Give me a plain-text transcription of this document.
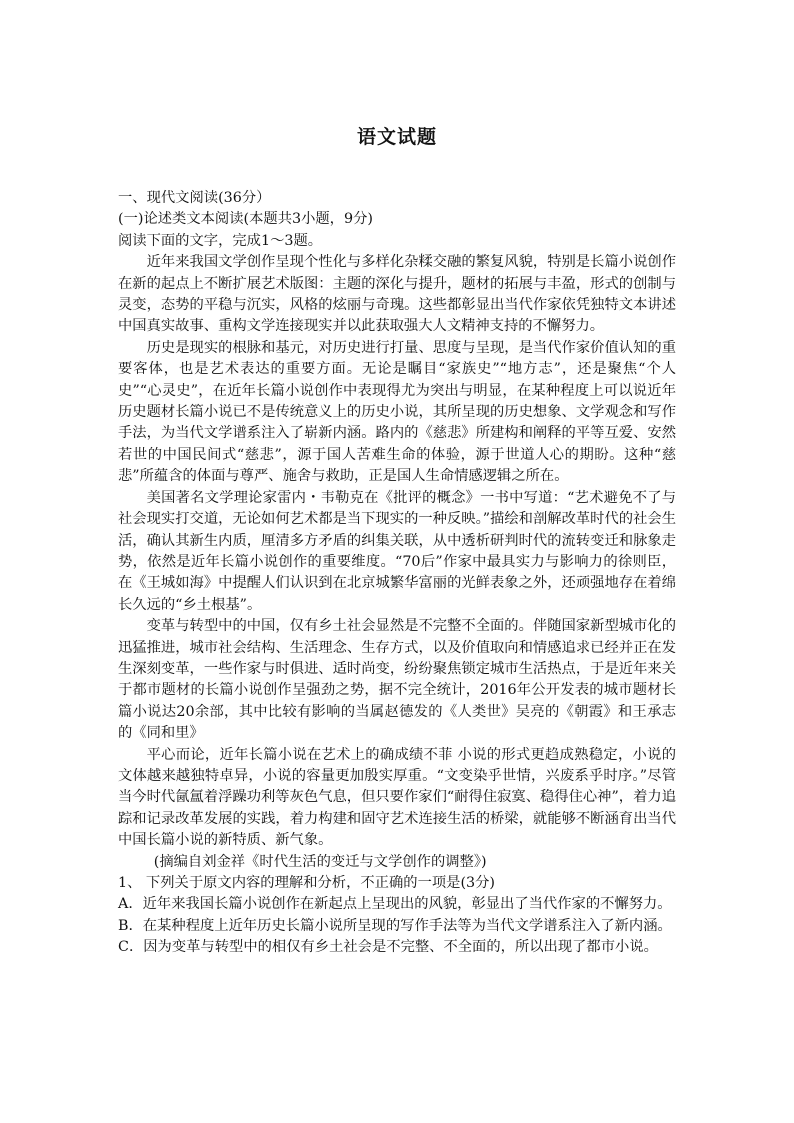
语文试题

一、现代文阅读(36分）

(一)论述类文本阅读(本题共3小题，9分)

阅读下面的文字，完成1～3题。

近年来我国文学创作呈现个性化与多样化杂糅交融的繁复风貌，特别是长篇小说创作在新的起点上不断扩展艺术版图：主题的深化与提升，题材的拓展与丰盈，形式的创制与灵变，态势的平稳与沉实，风格的炫丽与奇瑰。这些都彰显出当代作家依凭独特文本讲述中国真实故事、重构文学连接现实并以此获取强大人文精神支持的不懈努力。

历史是现实的根脉和基元，对历史进行打量、思度与呈现，是当代作家价值认知的重要客体，也是艺术表达的重要方面。无论是瞩目“家族史”“地方志”，还是聚焦“个人史”“心灵史”，在近年长篇小说创作中表现得尤为突出与明显，在某种程度上可以说近年历史题材长篇小说已不是传统意义上的历史小说，其所呈现的历史想象、文学观念和写作手法，为当代文学谱系注入了崭新内涵。路内的《慈悲》所建构和阐释的平等互爱、安然若世的中国民间式“慈悲”，源于国人苦难生命的体验，源于世道人心的期盼。这种“慈悲”所蕴含的体面与尊严、施舍与救助，正是国人生命情感逻辑之所在。

美国著名文学理论家雷内・韦勒克在《批评的概念》一书中写道：“艺术避免不了与社会现实打交道，无论如何艺术都是当下现实的一种反映。”描绘和剖解改革时代的社会生活，确认其新生内质，厘清多方矛盾的纠集关联，从中透析研判时代的流转变迁和脉象走势，依然是近年长篇小说创作的重要维度。“70后”作家中最具实力与影响力的徐则臣，在《王城如海》中提醒人们认识到在北京城繁华富丽的光鲜表象之外，还顽强地存在着绵长久远的“乡土根基”。

变革与转型中的中国，仅有乡土社会显然是不完整不全面的。伴随国家新型城市化的迅猛推进，城市社会结构、生活理念、生存方式，以及价值取向和情感追求已经并正在发生深刻变革，一些作家与时俱进、适时尚变，纷纷聚焦锁定城市生活热点，于是近年来关于都市题材的长篇小说创作呈强劲之势，据不完全统计，2016年公开发表的城市题材长篇小说达20余部，其中比较有影响的当属赵德发的《人类世》吴亮的《朝霞》和王承志的《同和里》

平心而论，近年长篇小说在艺术上的确成绩不菲 小说的形式更趋成熟稳定，小说的文体越来越独特卓异，小说的容量更加殷实厚重。“文变染乎世情，兴废系乎时序。”尽管当今时代氤氲着浮躁功利等灰色气息，但只要作家们“耐得住寂寞、稳得住心神”，着力追踪和记录改革发展的实践，着力构建和固守艺术连接生活的桥梁，就能够不断涵育出当代中国长篇小说的新特质、新气象。

(摘编自刘金祥《时代生活的变迁与文学创作的调整》)

1、 下列关于原文内容的理解和分析，不正确的一项是(3分)

A．近年来我国长篇小说创作在新起点上呈现出的风貌，彰显出了当代作家的不懈努力。

B．在某种程度上近年历史长篇小说所呈现的写作手法等为当代文学谱系注入了新内涵。

C．因为变革与转型中的相仅有乡土社会是不完整、不全面的，所以出现了都市小说。
